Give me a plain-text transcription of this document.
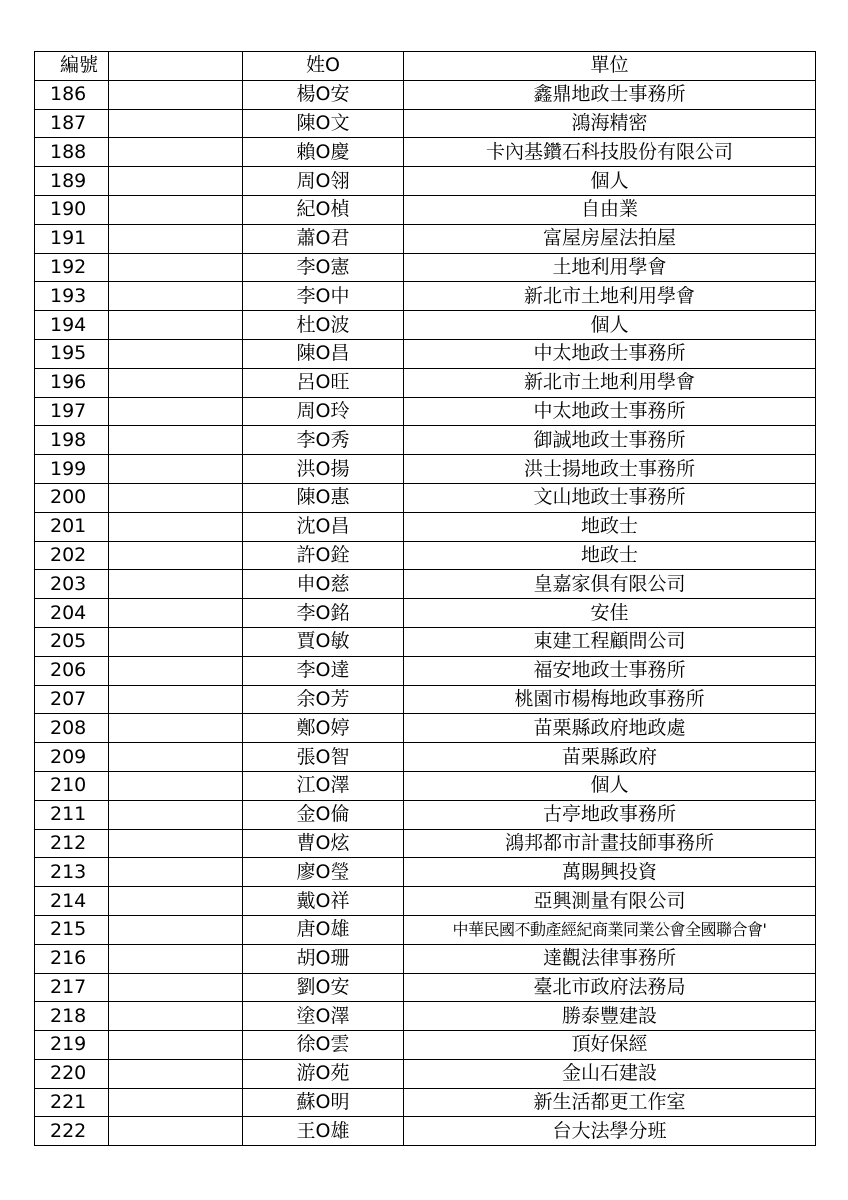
編號		姓O	單位
186		楊O安	鑫鼎地政士事務所
187		陳O文	鴻海精密
188		賴O慶	卡內基鑽石科技股份有限公司
189		周O翎	個人
190		紀O楨	自由業
191		蕭O君	富屋房屋法拍屋
192		李O憲	土地利用學會
193		李O中	新北市土地利用學會
194		杜O波	個人
195		陳O昌	中太地政士事務所
196		呂O旺	新北市土地利用學會
197		周O玲	中太地政士事務所
198		李O秀	御誠地政士事務所
199		洪O揚	洪士揚地政士事務所
200		陳O惠	文山地政士事務所
201		沈O昌	地政士
202		許O銓	地政士
203		申O慈	皇嘉家俱有限公司
204		李O銘	安佳
205		賈O敏	東建工程顧問公司
206		李O達	福安地政士事務所
207		余O芳	桃園市楊梅地政事務所
208		鄭O婷	苗栗縣政府地政處
209		張O智	苗栗縣政府
210		江O澤	個人
211		金O倫	古亭地政事務所
212		曹O炫	鴻邦都市計畫技師事務所
213		廖O瑩	萬賜興投資
214		戴O祥	亞興測量有限公司
215		唐O雄	中華民國不動產經紀商業同業公會全國聯合會'
216		胡O珊	達觀法律事務所
217		劉O安	臺北市政府法務局
218		塗O澤	勝泰豐建設
219		徐O雲	頂好保經
220		游O苑	金山石建設
221		蘇O明	新生活都更工作室
222		王O雄	台大法學分班
